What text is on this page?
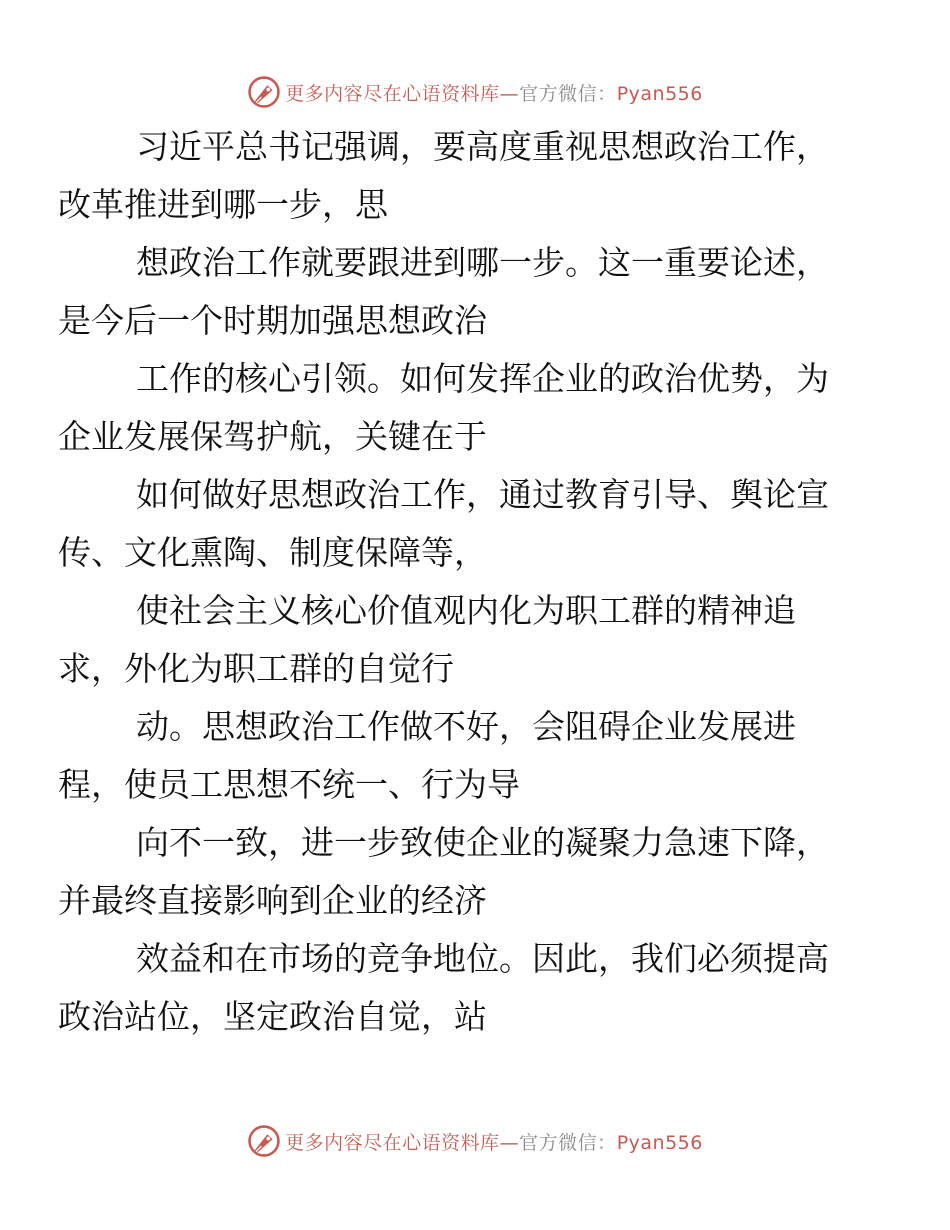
更多内容尽在心语资料库—官方微信：Pyan556

习近平总书记强调，要高度重视思想政治工作，
改革推进到哪一步，思

想政治工作就要跟进到哪一步。这一重要论述，
是今后一个时期加强思想政治

工作的核心引领。如何发挥企业的政治优势，为
企业发展保驾护航，关键在于

如何做好思想政治工作，通过教育引导、舆论宣
传、文化熏陶、制度保障等，

使社会主义核心价值观内化为职工群的精神追
求，外化为职工群的自觉行

动。思想政治工作做不好，会阻碍企业发展进
程，使员工思想不统一、行为导

向不一致，进一步致使企业的凝聚力急速下降，
并最终直接影响到企业的经济

效益和在市场的竞争地位。因此，我们必须提高
政治站位，坚定政治自觉，站

更多内容尽在心语资料库—官方微信：Pyan556
